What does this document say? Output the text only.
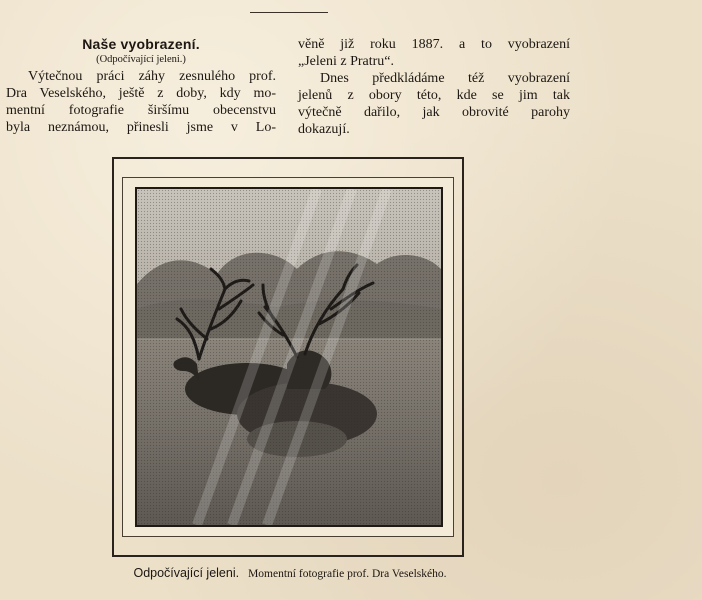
Naše vyobrazení.
(Odpočívající jeleni.)

Výtečnou práci záhy zesnulého prof.
Dra Veselského, ještě z doby, kdy mo-
mentní fotografie širšímu obecenstvu
byla neznámou, přinesli jsme v Lo-

věně již roku 1887. a to vyobrazení
„Jeleni z Pratru“.

Dnes předkládáme též vyobrazení
jelenů z obory této, kde se jim tak
výtečně dařilo, jak obrovité parohy
dokazují.

Odpočívající jeleni. Momentní fotografie prof. Dra Veselského.
